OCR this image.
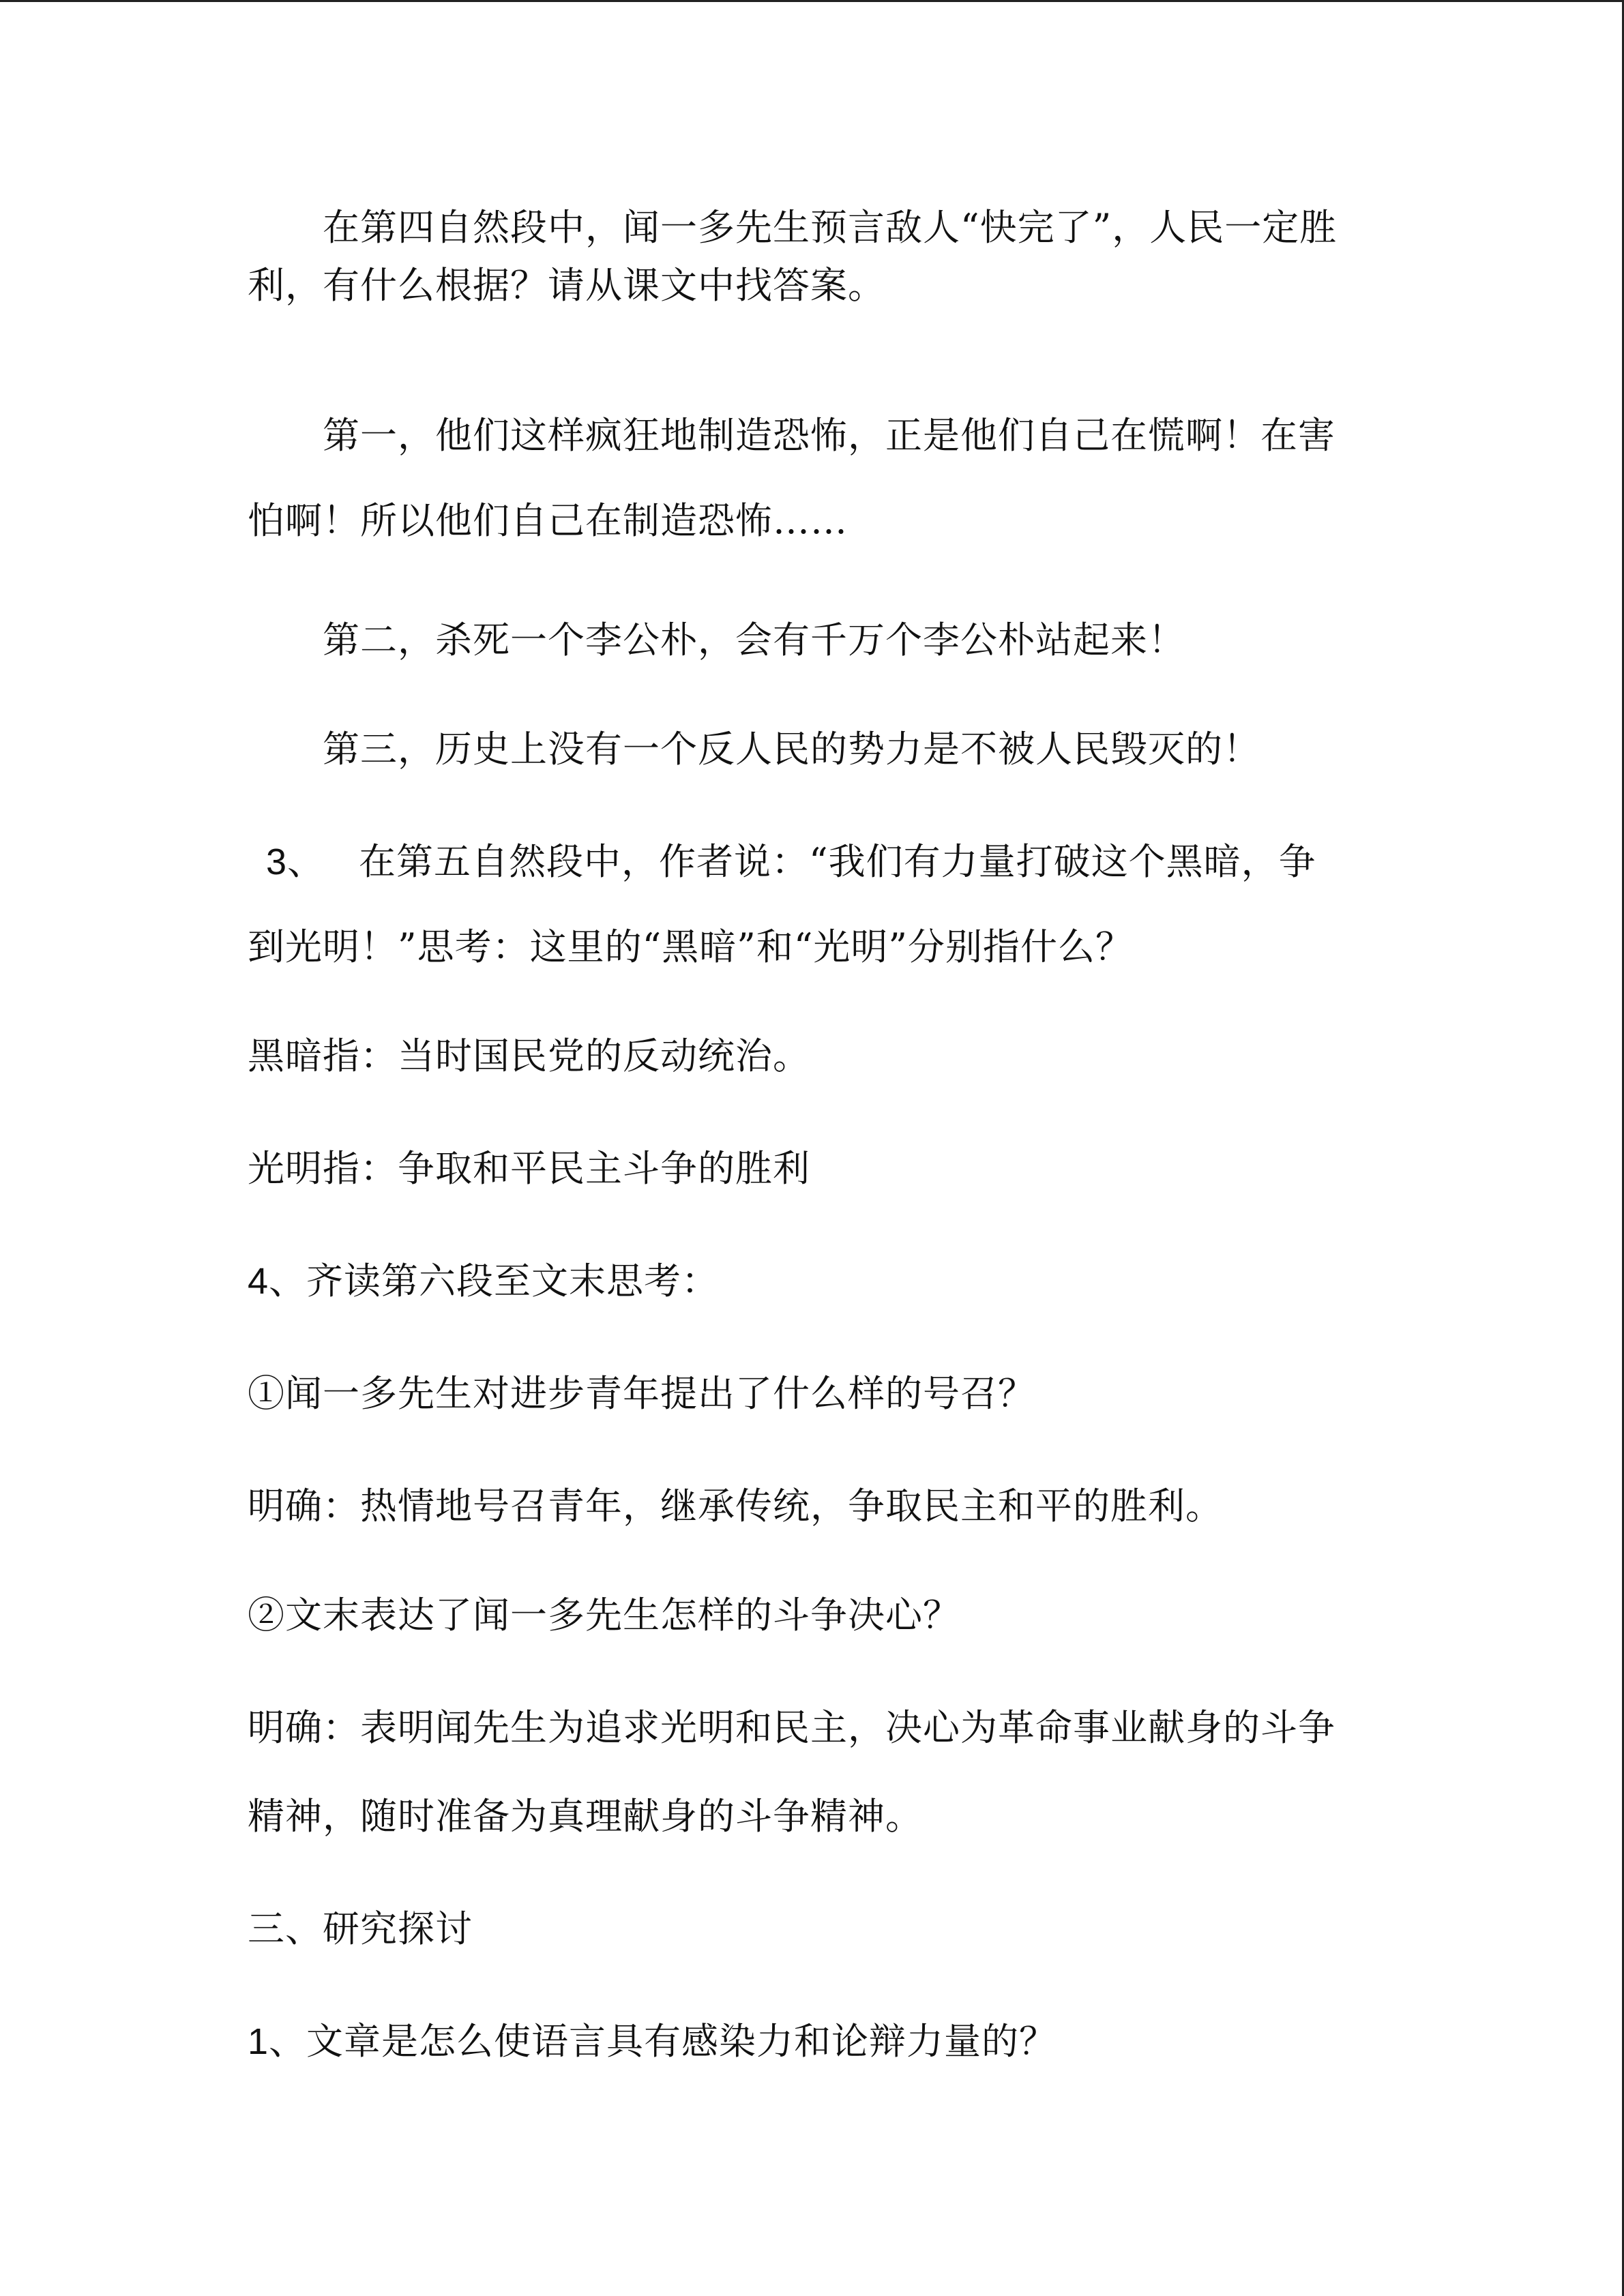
在第四自然段中，闻一多先生预言敌人“快完了”，人民一定胜
利，有什么根据？请从课文中找答案。
第一，他们这样疯狂地制造恐怖，正是他们自己在慌啊！在害
怕啊！所以他们自己在制造恐怖……
第二，杀死一个李公朴，会有千万个李公朴站起来！
第三，历史上没有一个反人民的势力是不被人民毁灭的！
3、 在第五自然段中，作者说：“我们有力量打破这个黑暗，争
到光明！”思考：这里的“黑暗”和“光明”分别指什么？
黑暗指：当时国民党的反动统治。
光明指：争取和平民主斗争的胜利
4、齐读第六段至文末思考：
①闻一多先生对进步青年提出了什么样的号召？
明确：热情地号召青年，继承传统，争取民主和平的胜利。
②文末表达了闻一多先生怎样的斗争决心？
明确：表明闻先生为追求光明和民主，决心为革命事业献身的斗争
精神，随时准备为真理献身的斗争精神。
三、研究探讨
1、文章是怎么使语言具有感染力和论辩力量的？
